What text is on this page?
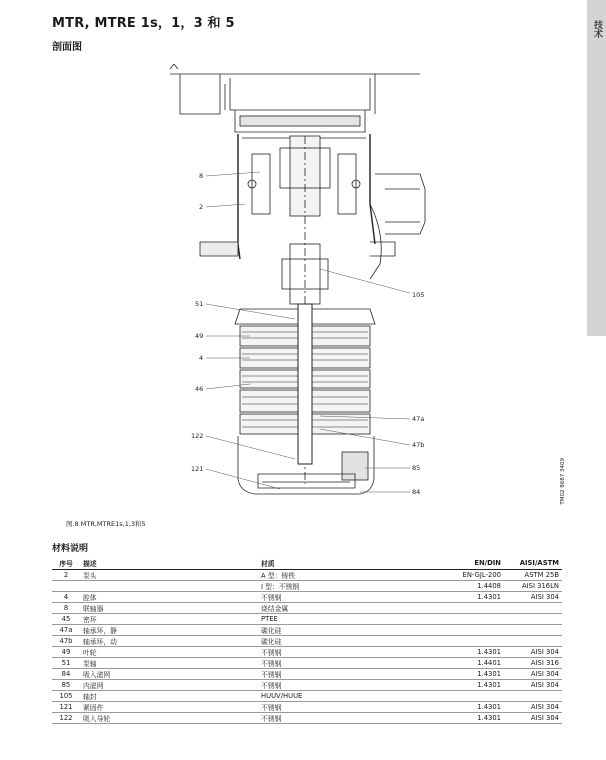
技术
MTR, MTRE 1s，1，3 和 5
剖面图
8
2
51
49
4
46
122
121
105
47a
47b
85
84	TM02 8687 3409
图.8 MTR,MTRE1s,1,3和5
材料说明
序号	描述	材质	EN/DIN	AISI/ASTM
2	泵头	A 型：铸铁	EN-GJL-200	ASTM 25B
		I 型：不锈钢	1.4408	AISI 316LN
4	腔体	不锈钢	1.4301	AISI 304
8	联轴器	烧结金属		
45	密环	PTEE		
47a	轴承环，静	碳化硅		
47b	轴承环，动	碳化硅		
49	叶轮	不锈钢	1.4301	AISI 304
51	泵轴	不锈钢	1.4401	AISI 316
84	吸入滤网	不锈钢	1.4301	AISI 304
85	内滤网	不锈钢	1.4301	AISI 304
105	轴封	HUUV/HUUE		
121	紧固件	不锈钢	1.4301	AISI 304
122	吸入导轮	不锈钢	1.4301	AISI 304
